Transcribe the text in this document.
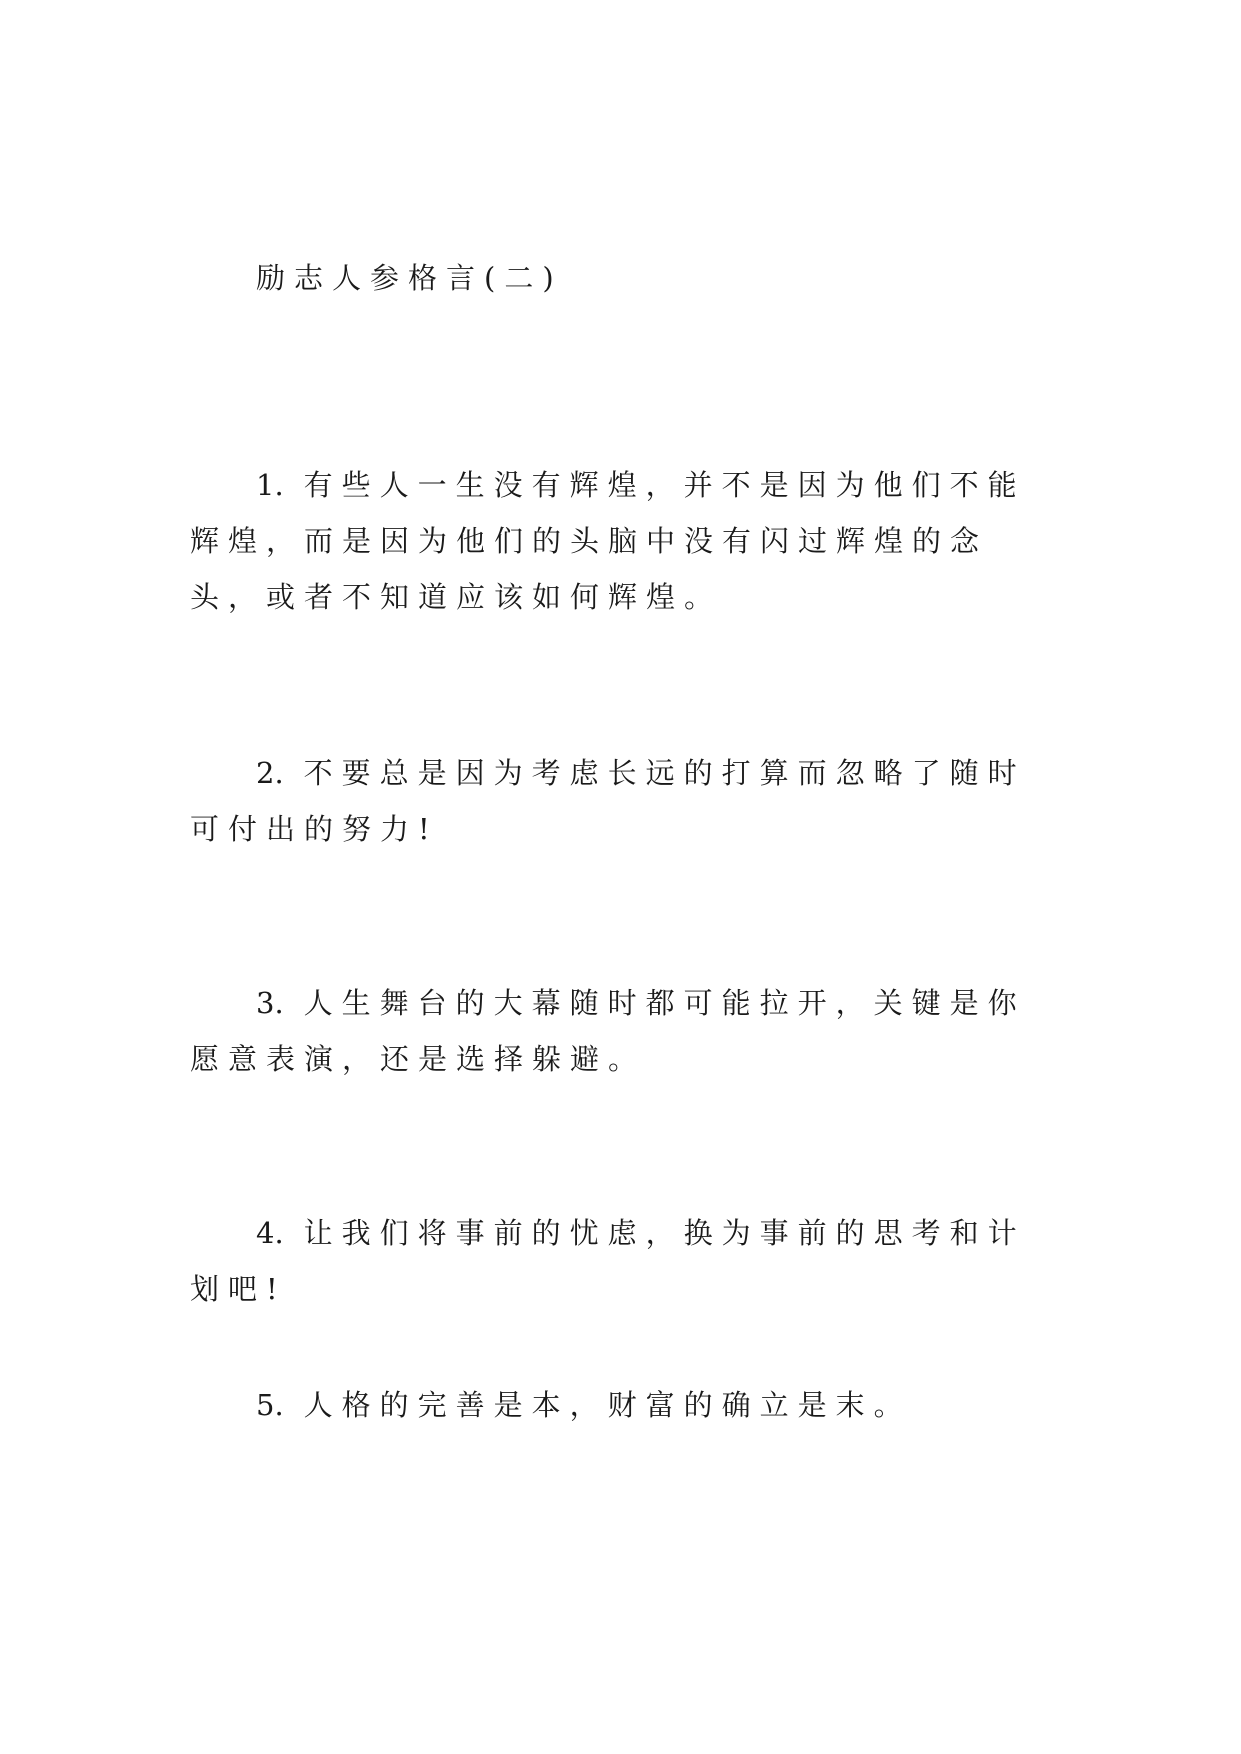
励志人参格言(二)

1. 有些人一生没有辉煌，并不是因为他们不能辉煌，而是因为他们的头脑中没有闪过辉煌的念头，或者不知道应该如何辉煌。

2. 不要总是因为考虑长远的打算而忽略了随时可付出的努力!

3. 人生舞台的大幕随时都可能拉开，关键是你愿意表演，还是选择躲避。

4. 让我们将事前的忧虑，换为事前的思考和计划吧!

5. 人格的完善是本，财富的确立是末。
